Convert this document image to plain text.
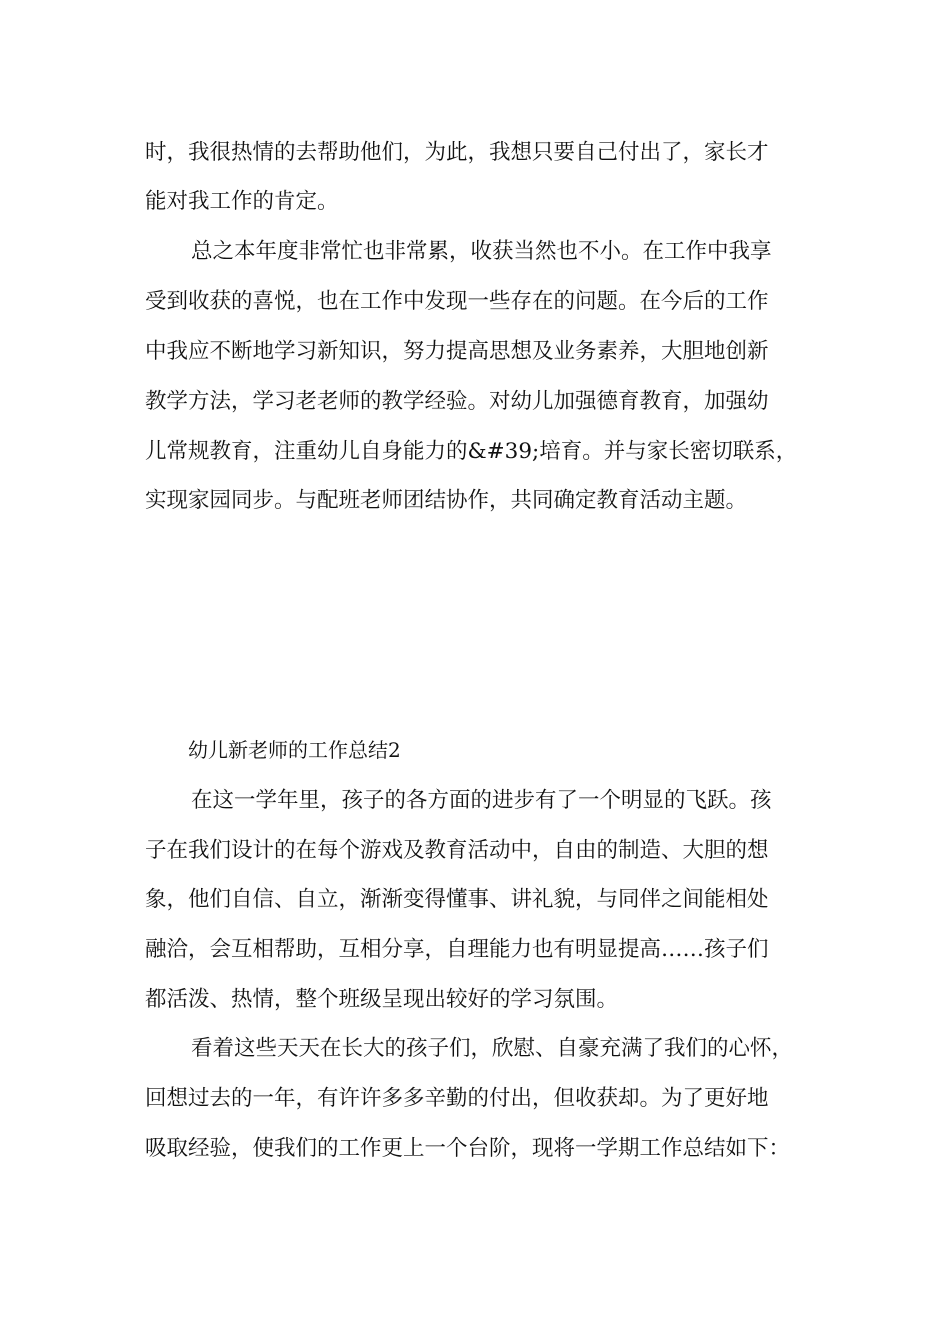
时，我很热情的去帮助他们，为此，我想只要自己付出了，家长才
能对我工作的肯定。
总之本年度非常忙也非常累，收获当然也不小。在工作中我享
受到收获的喜悦，也在工作中发现一些存在的问题。在今后的工作
中我应不断地学习新知识，努力提高思想及业务素养，大胆地创新
教学方法，学习老老师的教学经验。对幼儿加强德育教育，加强幼
儿常规教育，注重幼儿自身能力的&#39;培育。并与家长密切联系，
实现家园同步。与配班老师团结协作，共同确定教育活动主题。
幼儿新老师的工作总结2
在这一学年里，孩子的各方面的进步有了一个明显的飞跃。孩
子在我们设计的在每个游戏及教育活动中，自由的制造、大胆的想
象，他们自信、自立，渐渐变得懂事、讲礼貌，与同伴之间能相处
融洽，会互相帮助，互相分享，自理能力也有明显提高……孩子们
都活泼、热情，整个班级呈现出较好的学习氛围。
看着这些天天在长大的孩子们，欣慰、自豪充满了我们的心怀，
回想过去的一年，有许许多多辛勤的付出，但收获却。为了更好地
吸取经验，使我们的工作更上一个台阶，现将一学期工作总结如下：
